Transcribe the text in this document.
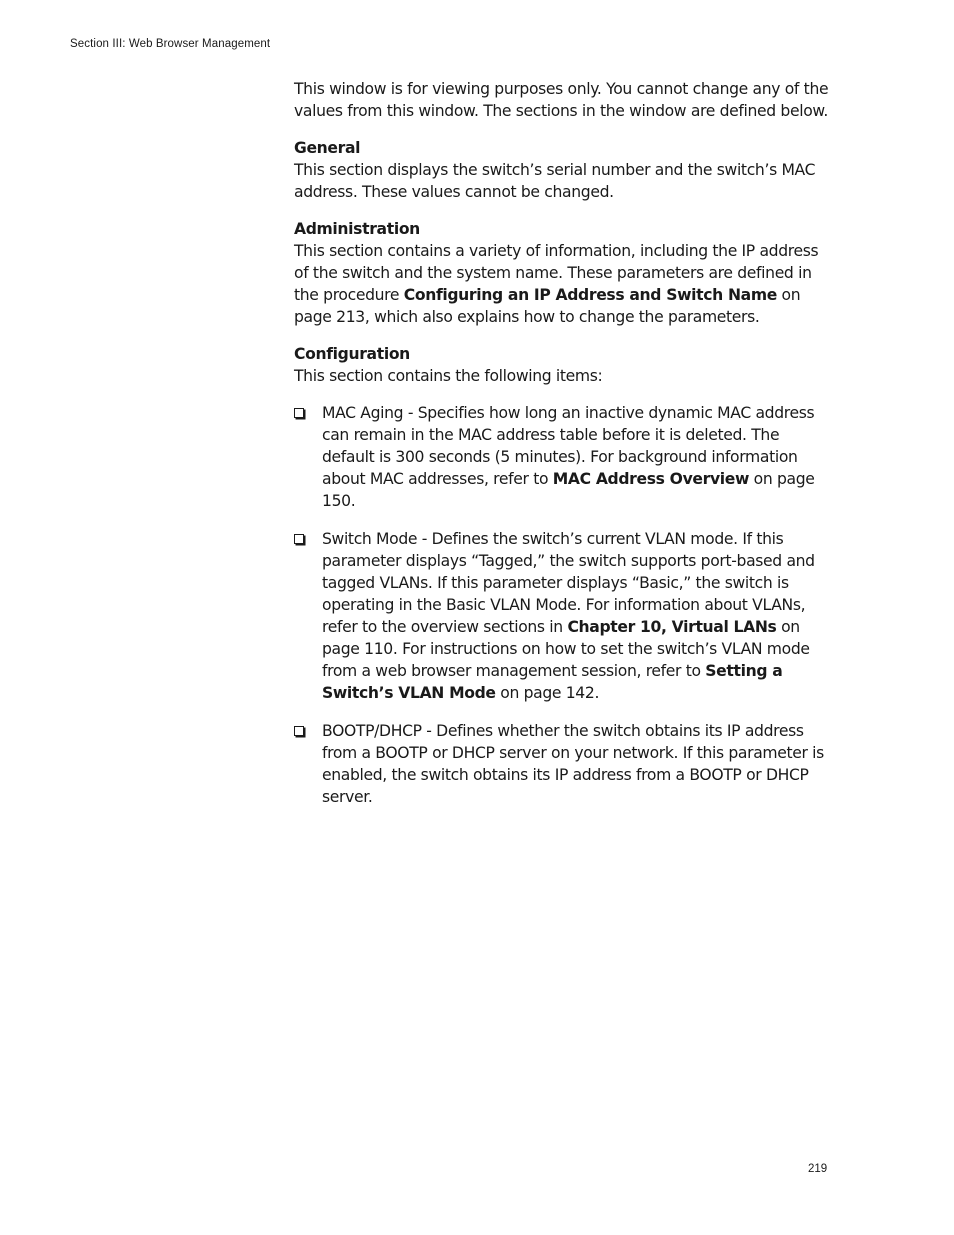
Section III: Web Browser Management

This window is for viewing purposes only. You cannot change any of the values from this window. The sections in the window are defined below.

General

This section displays the switch’s serial number and the switch’s MAC address. These values cannot be changed.

Administration

This section contains a variety of information, including the IP address of the switch and the system name. These parameters are defined in the procedure Configuring an IP Address and Switch Name on page 213, which also explains how to change the parameters.

Configuration

This section contains the following items:

MAC Aging - Specifies how long an inactive dynamic MAC address can remain in the MAC address table before it is deleted. The default is 300 seconds (5 minutes). For background information about MAC addresses, refer to MAC Address Overview on page 150.
Switch Mode - Defines the switch’s current VLAN mode. If this parameter displays “Tagged,” the switch supports port-based and tagged VLANs. If this parameter displays “Basic,” the switch is operating in the Basic VLAN Mode. For information about VLANs, refer to the overview sections in Chapter 10, Virtual LANs on page 110. For instructions on how to set the switch’s VLAN mode from a web browser management session, refer to Setting a Switch’s VLAN Mode on page 142.
BOOTP/DHCP - Defines whether the switch obtains its IP address from a BOOTP or DHCP server on your network. If this parameter is enabled, the switch obtains its IP address from a BOOTP or DHCP server.
219
